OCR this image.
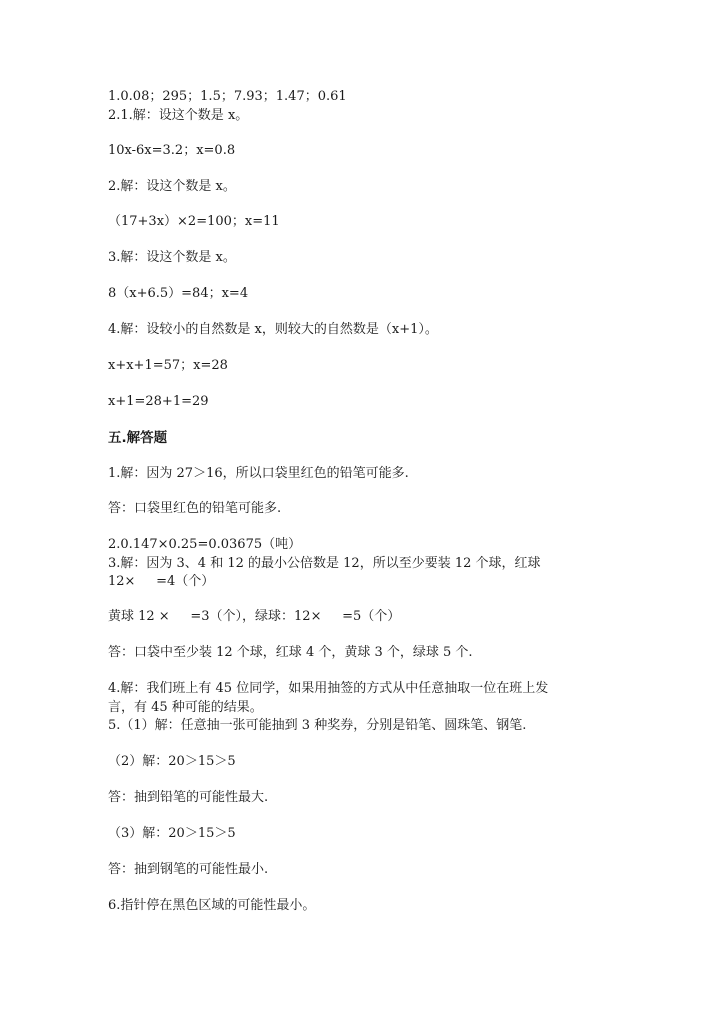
1.0.08；295；1.5；7.93；1.47；0.61
2.1.解：设这个数是 x。
10x-6x=3.2；x=0.8
2.解：设这个数是 x。
（17+3x）×2=100；x=11
3.解：设这个数是 x。
8（x+6.5）=84；x=4
4.解：设较小的自然数是 x，则较大的自然数是（x+1）。
x+x+1=57；x=28
x+1=28+1=29
五.解答题
1.解：因为 27＞16，所以口袋里红色的铅笔可能多.
答：口袋里红色的铅笔可能多.
2.0.147×0.25=0.03675（吨）
3.解：因为 3、4 和 12 的最小公倍数是 12，所以至少要装 12 个球，红球
12×     =4（个）
黄球 12 ×     =3（个），绿球：12×     =5（个）
答：口袋中至少装 12 个球，红球 4 个，黄球 3 个，绿球 5 个.
4.解：我们班上有 45 位同学，如果用抽签的方式从中任意抽取一位在班上发
言，有 45 种可能的结果。
5.（1）解：任意抽一张可能抽到 3 种奖券，分别是铅笔、圆珠笔、钢笔.
（2）解：20＞15＞5
答：抽到铅笔的可能性最大.
（3）解：20＞15＞5
答：抽到钢笔的可能性最小.
6.指针停在黑色区域的可能性最小。
